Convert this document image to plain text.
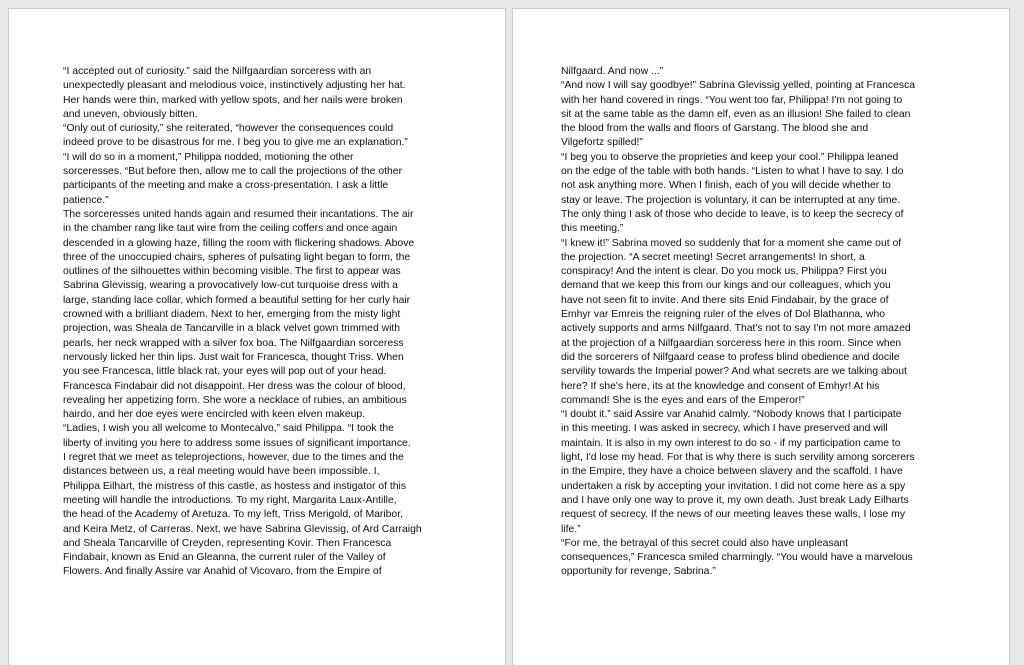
“I accepted out of curiosity.” said the Nilfgaardian sorceress with an

unexpectedly pleasant and melodious voice, instinctively adjusting her hat.

Her hands were thin, marked with yellow spots, and her nails were broken

and uneven, obviously bitten.

“Only out of curiosity,” she reiterated, “however the consequences could

indeed prove to be disastrous for me. I beg you to give me an explanation.”

“I will do so in a moment,” Philippa nodded, motioning the other

sorceresses. “But before then, allow me to call the projections of the other

participants of the meeting and make a cross-presentation. I ask a little

patience.”

The sorceresses united hands again and resumed their incantations. The air

in the chamber rang like taut wire from the ceiling coffers and once again

descended in a glowing haze, filling the room with flickering shadows. Above

three of the unoccupied chairs, spheres of pulsating light began to form, the

outlines of the silhouettes within becoming visible. The first to appear was

Sabrina Glevissig, wearing a provocatively low-cut turquoise dress with a

large, standing lace collar, which formed a beautiful setting for her curly hair

crowned with a brilliant diadem. Next to her, emerging from the misty light

projection, was Sheala de Tancarville in a black velvet gown trimmed with

pearls, her neck wrapped with a silver fox boa. The Nilfgaardian sorceress

nervously licked her thin lips. Just wait for Francesca, thought Triss. When

you see Francesca, little black rat, your eyes will pop out of your head.

Francesca Findabair did not disappoint. Her dress was the colour of blood,

revealing her appetizing form. She wore a necklace of rubies, an ambitious

hairdo, and her doe eyes were encircled with keen elven makeup.

“Ladies, I wish you all welcome to Montecalvo,” said Philippa. “I took the

liberty of inviting you here to address some issues of significant importance.

I regret that we meet as teleprojections, however, due to the times and the

distances between us, a real meeting would have been impossible. I,

Philippa Eilhart, the mistress of this castle, as hostess and instigator of this

meeting will handle the introductions. To my right, Margarita Laux-Antille,

the head of the Academy of Aretuza. To my left, Triss Merigold, of Maribor,

and Keira Metz, of Carreras. Next, we have Sabrina Glevissig, of Ard Carraigh

and Sheala Tancarville of Creyden, representing Kovir. Then Francesca

Findabair, known as Enid an Gleanna, the current ruler of the Valley of

Flowers. And finally Assire var Anahid of Vicovaro, from the Empire of

Nilfgaard. And now ...”

“And now I will say goodbye!” Sabrina Glevissig yelled, pointing at Francesca

with her hand covered in rings. “You went too far, Philippa! I'm not going to

sit at the same table as the damn elf, even as an illusion! She failed to clean

the blood from the walls and floors of Garstang. The blood she and

Vilgefortz spilled!”

“I beg you to observe the proprieties and keep your cool.” Philippa leaned

on the edge of the table with both hands. “Listen to what I have to say. I do

not ask anything more. When I finish, each of you will decide whether to

stay or leave. The projection is voluntary, it can be interrupted at any time.

The only thing I ask of those who decide to leave, is to keep the secrecy of

this meeting.”

“I knew it!” Sabrina moved so suddenly that for a moment she came out of

the projection. “A secret meeting! Secret arrangements! In short, a

conspiracy! And the intent is clear. Do you mock us, Philippa? First you

demand that we keep this from our kings and our colleagues, which you

have not seen fit to invite. And there sits Enid Findabair, by the grace of

Emhyr var Emreis the reigning ruler of the elves of Dol Blathanna, who

actively supports and arms Nilfgaard. That's not to say I'm not more amazed

at the projection of a Nilfgaardian sorceress here in this room. Since when

did the sorcerers of Nilfgaard cease to profess blind obedience and docile

servility towards the Imperial power? And what secrets are we talking about

here? If she's here, its at the knowledge and consent of Emhyr! At his

command! She is the eyes and ears of the Emperor!”

“I doubt it.” said Assire var Anahid calmly. “Nobody knows that I participate

in this meeting. I was asked in secrecy, which I have preserved and will

maintain. It is also in my own interest to do so - if my participation came to

light, I'd lose my head. For that is why there is such servility among sorcerers

in the Empire, they have a choice between slavery and the scaffold. I have

undertaken a risk by accepting your invitation. I did not come here as a spy

and I have only one way to prove it, my own death. Just break Lady Eilharts

request of secrecy. If the news of our meeting leaves these walls, I lose my

life.”

“For me, the betrayal of this secret could also have unpleasant

consequences,” Francesca smiled charmingly. “You would have a marvelous

opportunity for revenge, Sabrina.”
